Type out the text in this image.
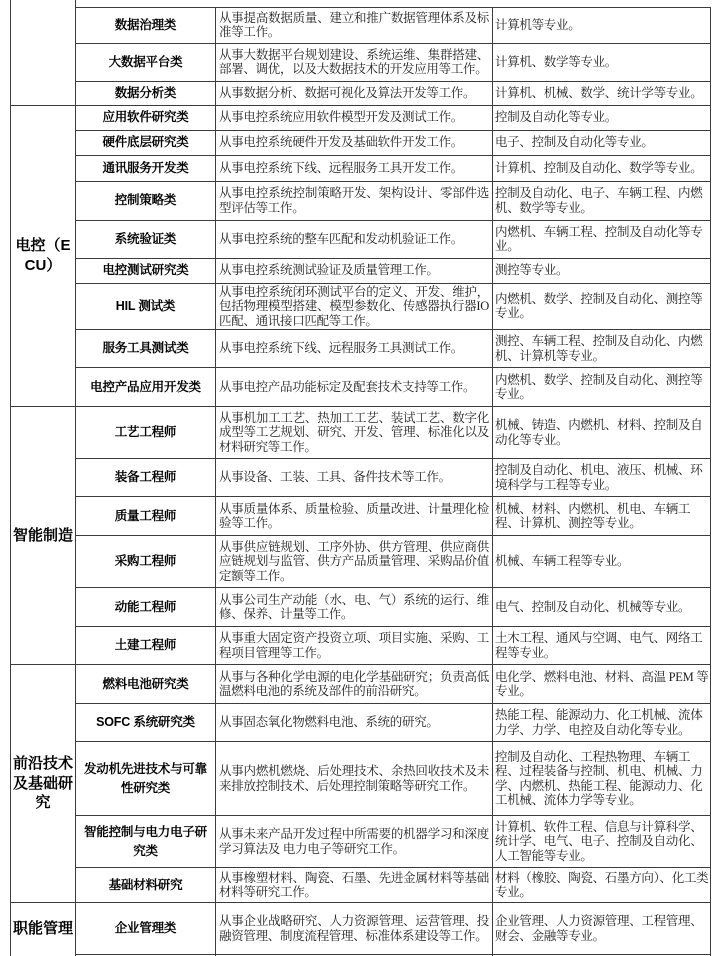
	数据治理类	从事提高数据质量、建立和推广数据管理体系及标准等工作。	计算机等专业。
	大数据平台类	从事大数据平台规划建设、系统运维、集群搭建、部署、调优，以及大数据技术的开发应用等工作。	计算机、数学等专业。
	数据分析类	从事数据分析、数据可视化及算法开发等工作。	计算机、机械、数学、统计学等专业。
电控（ECU）	应用软件研究类	从事电控系统应用软件模型开发及测试工作。	控制及自动化等专业。
	硬件底层研究类	从事电控系统硬件开发及基础软件开发工作。	电子、控制及自动化等专业。
	通讯服务开发类	从事电控系统下线、远程服务工具开发工作。	计算机、控制及自动化、数学等专业。
	控制策略类	从事电控系统控制策略开发、架构设计、零部件选型评估等工作。	控制及自动化、电子、车辆工程、内燃机、数学等专业。
	系统验证类	从事电控系统的整车匹配和发动机验证工作。	内燃机、车辆工程、控制及自动化等专业。
	电控测试研究类	从事电控系统测试验证及质量管理工作。	测控等专业。
	HIL 测试类	从事电控系统闭环测试平台的定义、开发、维护，包括物理模型搭建、模型参数化、传感器执行器IO 匹配、通讯接口匹配等工作。	内燃机、数学、控制及自动化、测控等专业。
	服务工具测试类	从事电控系统下线、远程服务工具测试工作。	测控、车辆工程、控制及自动化、内燃机、计算机等专业。
	电控产品应用开发类	从事电控产品功能标定及配套技术支持等工作。	内燃机、数学、控制及自动化、测控等专业。
智能制造	工艺工程师	从事机加工工艺、热加工工艺、装试工艺、数字化成型等工艺规划、研究、开发、管理、标准化以及材料研究等工作。	机械、铸造、内燃机、材料、控制及自动化等专业。
	装备工程师	从事设备、工装、工具、备件技术等工作。	控制及自动化、机电、液压、机械、环境科学与工程等专业。
	质量工程师	从事质量体系、质量检验、质量改进、计量理化检验等工作。	机械、材料、内燃机、机电、车辆工程、计算机、测控等专业。
	采购工程师	从事供应链规划、工序外协、供方管理、供应商供应链规划与监管、供方产品质量管理、采购品价值定额等工作。	机械、车辆工程等专业。
	动能工程师	从事公司生产动能（水、电、气）系统的运行、维修、保养、计量等工作。	电气、控制及自动化、机械等专业。
	土建工程师	从事重大固定资产投资立项、项目实施、采购、工程项目管理等工作。	土木工程、通风与空调、电气、网络工程等专业。
前沿技术及基础研究	燃料电池研究类	从事与各种化学电源的电化学基础研究；负责高低温燃料电池的系统及部件的前沿研究。	电化学、燃料电池、材料、高温 PEM 等专业。
	SOFC 系统研究类	从事固态氧化物燃料电池、系统的研究。	热能工程、能源动力、化工机械、流体力学、力学、电控及自动化等专业。
	发动机先进技术与可靠性研究类	从事内燃机燃烧、后处理技术、余热回收技术及未来排放控制技术、后处理控制策略等研究工作。	控制及自动化、工程热物理、车辆工程、过程装备与控制、机电、机械、力学、内燃机、热能工程、能源动力、化工机械、流体力学等专业。
	智能控制与电力电子研究类	从事未来产品开发过程中所需要的机器学习和深度学习算法及 电力电子等研究工作。	计算机、软件工程、信息与计算科学、统计学、电气、电子、控制及自动化、人工智能等专业。
	基础材料研究	从事橡塑材料、陶瓷、石墨、先进金属材料等基础材料等研究工作。	材料（橡胶、陶瓷、石墨方向）、化工类专业。
职能管理	企业管理类	从事企业战略研究、人力资源管理、运营管理、投融资管理、制度流程管理、标准体系建设等工作。	企业管理、人力资源管理、工程管理、财会、金融等专业。
